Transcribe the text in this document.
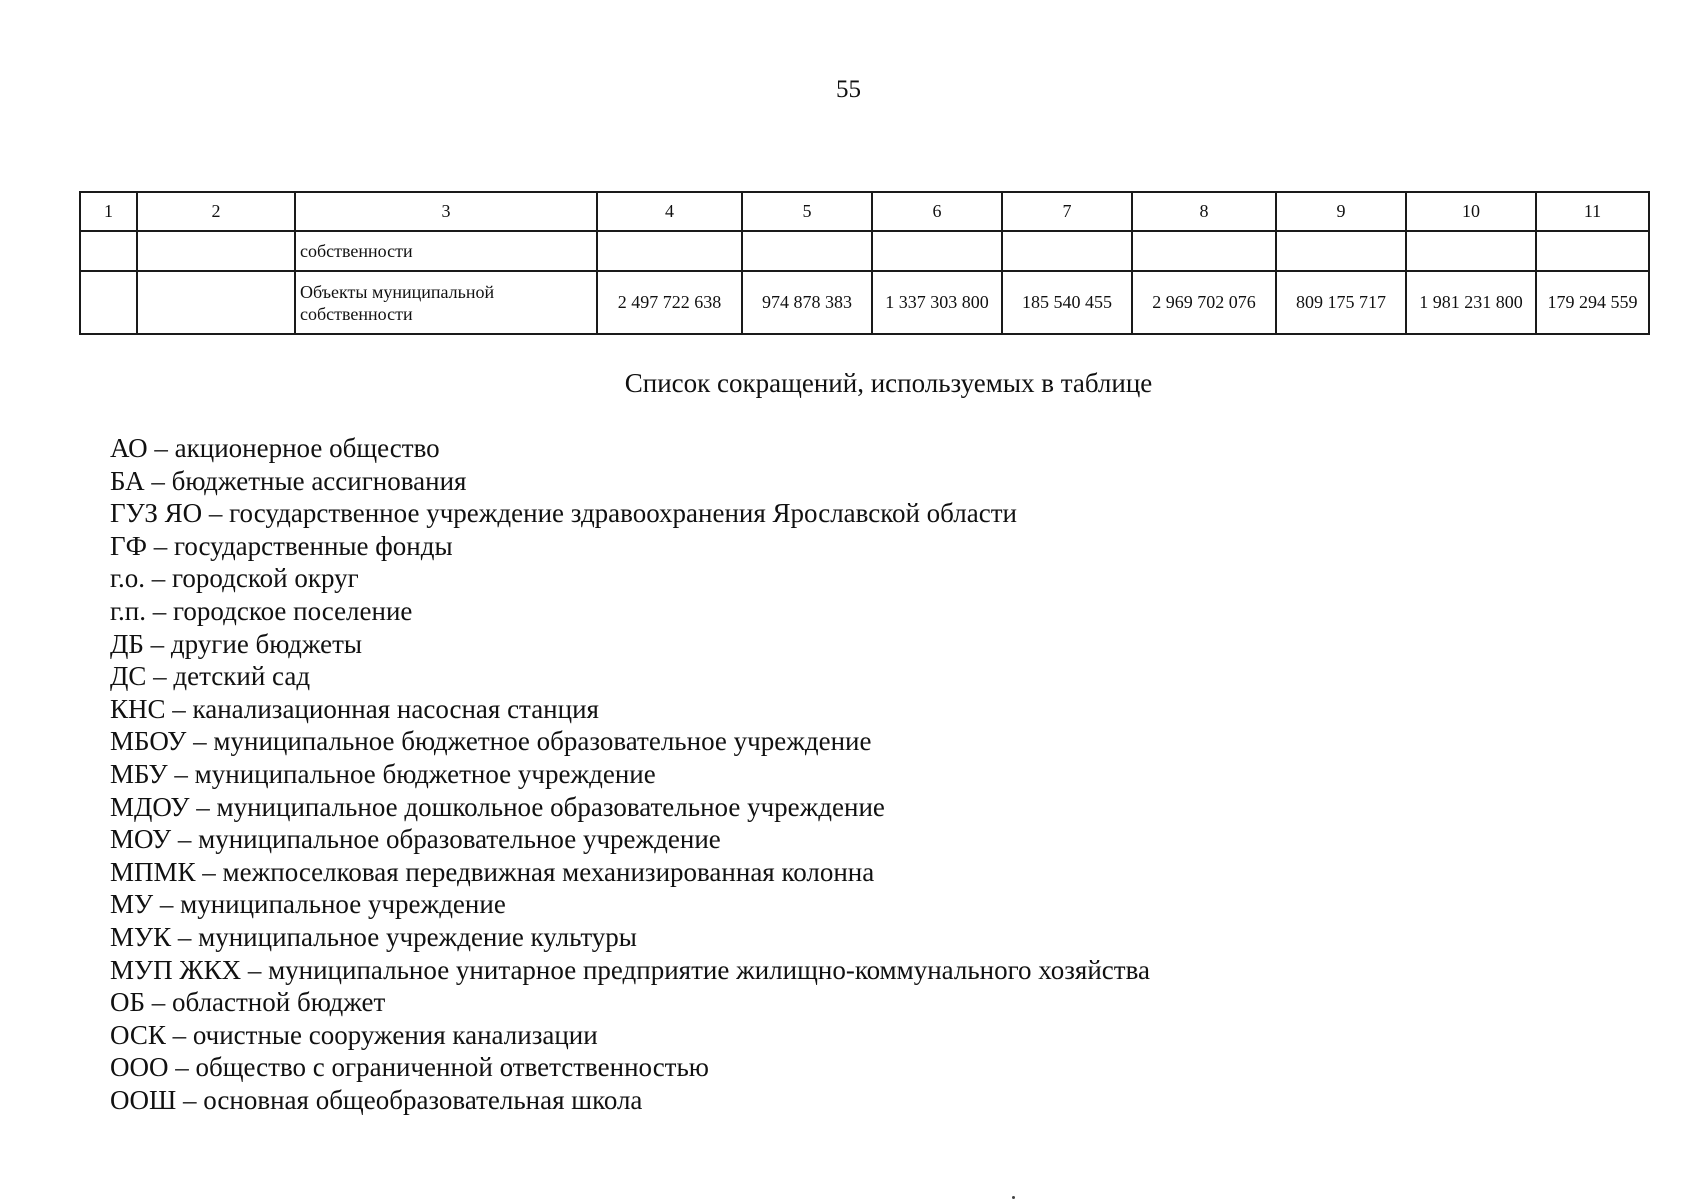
55
1	2	3	4	5	6	7	8	9	10	11
		собственности								
		Объекты муниципальной собственности	2 497 722 638	974 878 383	1 337 303 800	185 540 455	2 969 702 076	809 175 717	1 981 231 800	179 294 559
Список сокращений, используемых в таблице
АО – акционерное общество
БА – бюджетные ассигнования
ГУЗ ЯО – государственное учреждение здравоохранения Ярославской области
ГФ – государственные фонды
г.о. – городской округ
г.п. – городское поселение
ДБ – другие бюджеты
ДС – детский сад
КНС – канализационная насосная станция
МБОУ – муниципальное бюджетное образовательное учреждение
МБУ – муниципальное бюджетное учреждение
МДОУ – муниципальное дошкольное образовательное учреждение
МОУ – муниципальное образовательное учреждение
МПМК – межпоселковая передвижная механизированная колонна
МУ – муниципальное учреждение
МУК – муниципальное учреждение культуры
МУП ЖКХ – муниципальное унитарное предприятие жилищно-коммунального хозяйства
ОБ – областной бюджет
ОСК – очистные сооружения канализации
ООО – общество с ограниченной ответственностью
ООШ – основная общеобразовательная школа
